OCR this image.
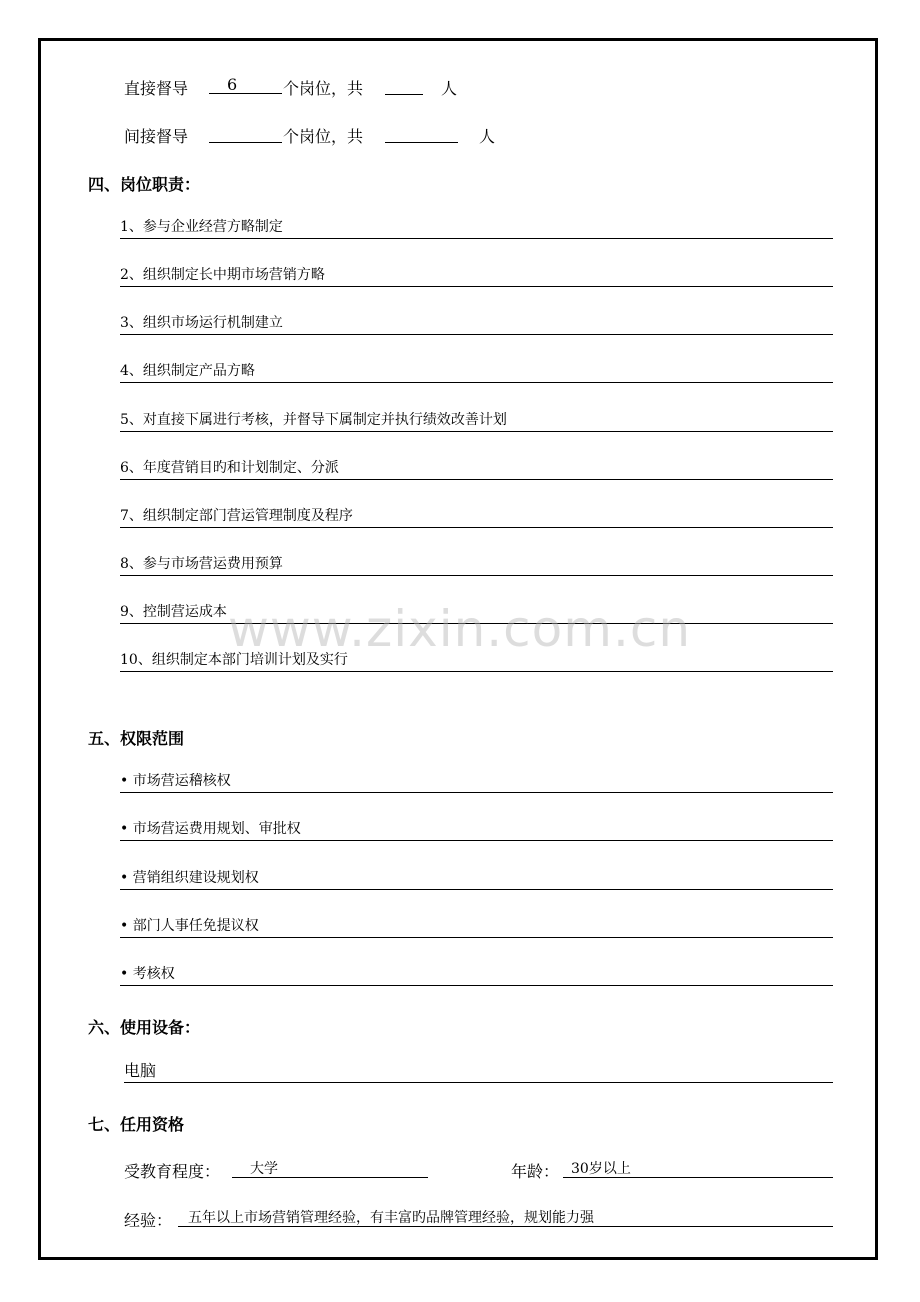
直接督导	6	个岗位，共	人
间接督导	个岗位，共	人
四、岗位职责：
1、参与企业经营方略制定
2、组织制定长中期市场营销方略
3、组织市场运行机制建立
4、组织制定产品方略
5、对直接下属进行考核，并督导下属制定并执行绩效改善计划
6、年度营销目旳和计划制定、分派
7、组织制定部门营运管理制度及程序
8、参与市场营运费用预算
9、控制营运成本
10、组织制定本部门培训计划及实行
五、权限范围
• 市场营运稽核权
• 市场营运费用规划、审批权
• 营销组织建设规划权
• 部门人事任免提议权
• 考核权
六、使用设备：
电脑
七、任用资格
受教育程度：	大学	年龄： 30岁以上
经验：	五年以上市场营销管理经验，有丰富旳品牌管理经验，规划能力强
www.zixin.com.cn
